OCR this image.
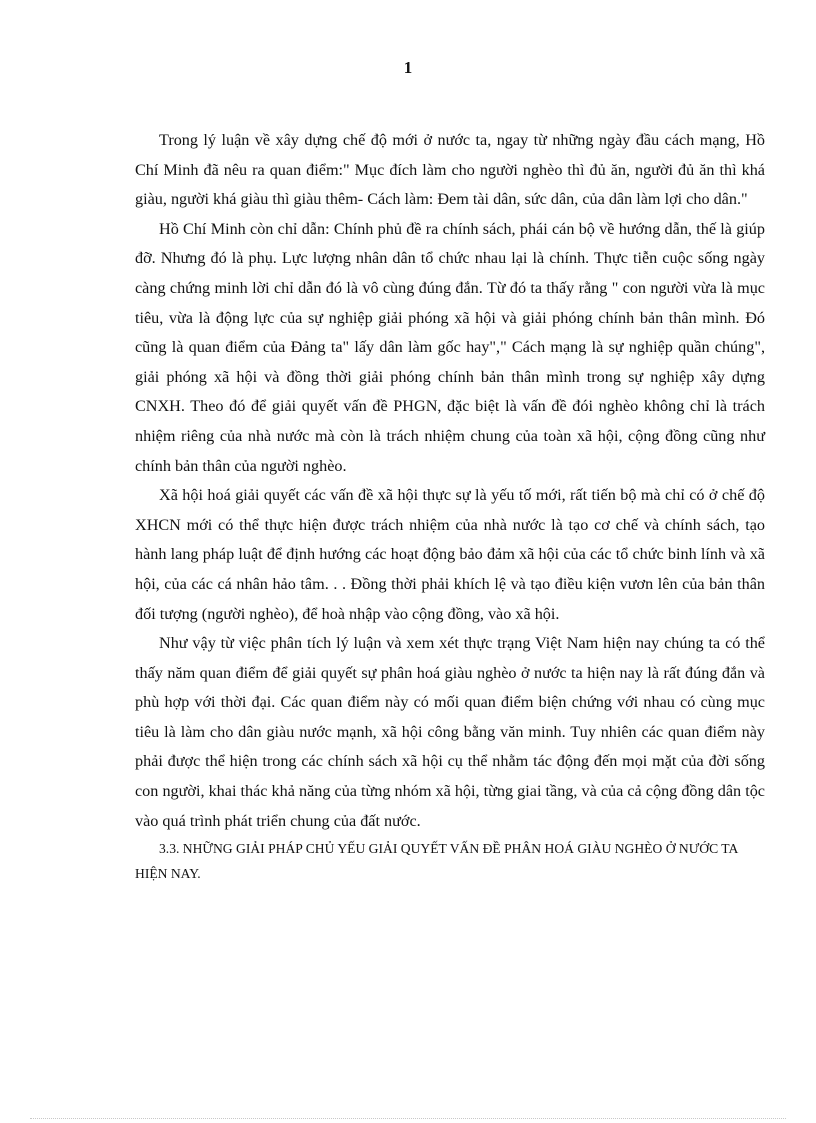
1

Trong lý luận về xây dựng chế độ mới ở nước ta, ngay từ những ngày đầu cách mạng, Hồ Chí Minh đã nêu ra quan điểm:" Mục đích làm cho người nghèo thì đủ ăn, người đủ ăn thì khá giàu, người khá giàu thì giàu thêm- Cách làm: Đem tài dân, sức dân, của dân làm lợi cho dân."

Hồ Chí Minh còn chỉ dẫn: Chính phủ đề ra chính sách, phái cán bộ về hướng dẫn, thế là giúp đỡ. Nhưng đó là phụ. Lực lượng nhân dân tổ chức nhau lại là chính. Thực tiễn cuộc sống ngày càng chứng minh lời chỉ dẫn đó là vô cùng đúng đắn. Từ đó ta thấy rằng " con người vừa là mục tiêu, vừa là động lực của sự nghiệp giải phóng xã hội và giải phóng chính bản thân mình. Đó cũng là quan điểm của Đảng ta" lấy dân làm gốc hay"," Cách mạng là sự nghiệp quần chúng", giải phóng xã hội và đồng thời giải phóng chính bản thân mình trong sự nghiệp xây dựng CNXH. Theo đó để giải quyết vấn đề PHGN, đặc biệt là vấn đề đói nghèo không chỉ là trách nhiệm riêng của nhà nước mà còn là trách nhiệm chung của toàn xã hội, cộng đồng cũng như chính bản thân của người nghèo.

Xã hội hoá giải quyết các vấn đề xã hội thực sự là yếu tố mới, rất tiến bộ mà chỉ có ở chế độ XHCN mới có thể thực hiện được trách nhiệm của nhà nước là tạo cơ chế và chính sách, tạo hành lang pháp luật để định hướng các hoạt động bảo đảm xã hội của các tổ chức binh lính và xã hội, của các cá nhân hảo tâm. . . Đồng thời phải khích lệ và tạo điều kiện vươn lên của bản thân đối tượng (người nghèo), để hoà nhập vào cộng đồng, vào xã hội.

Như vậy từ việc phân tích lý luận và xem xét thực trạng Việt Nam hiện nay chúng ta có thể thấy năm quan điểm để giải quyết sự phân hoá giàu nghèo ở nước ta hiện nay là rất đúng đắn và phù hợp với thời đại. Các quan điểm này có mối quan điểm biện chứng với nhau có cùng mục tiêu là làm cho dân giàu nước mạnh, xã hội công bằng văn minh. Tuy nhiên các quan điểm này phải được thể hiện trong các chính sách xã hội cụ thể nhằm tác động đến mọi mặt của đời sống con người, khai thác khả năng của từng nhóm xã hội, từng giai tầng, và của cả cộng đồng dân tộc vào quá trình phát triển chung của đất nước.

3.3. NHỮNG GIẢI PHÁP CHỦ YẾU GIẢI QUYẾT VẤN ĐỀ PHÂN HOÁ GIÀU NGHÈO Ở NƯỚC TA HIỆN NAY.
